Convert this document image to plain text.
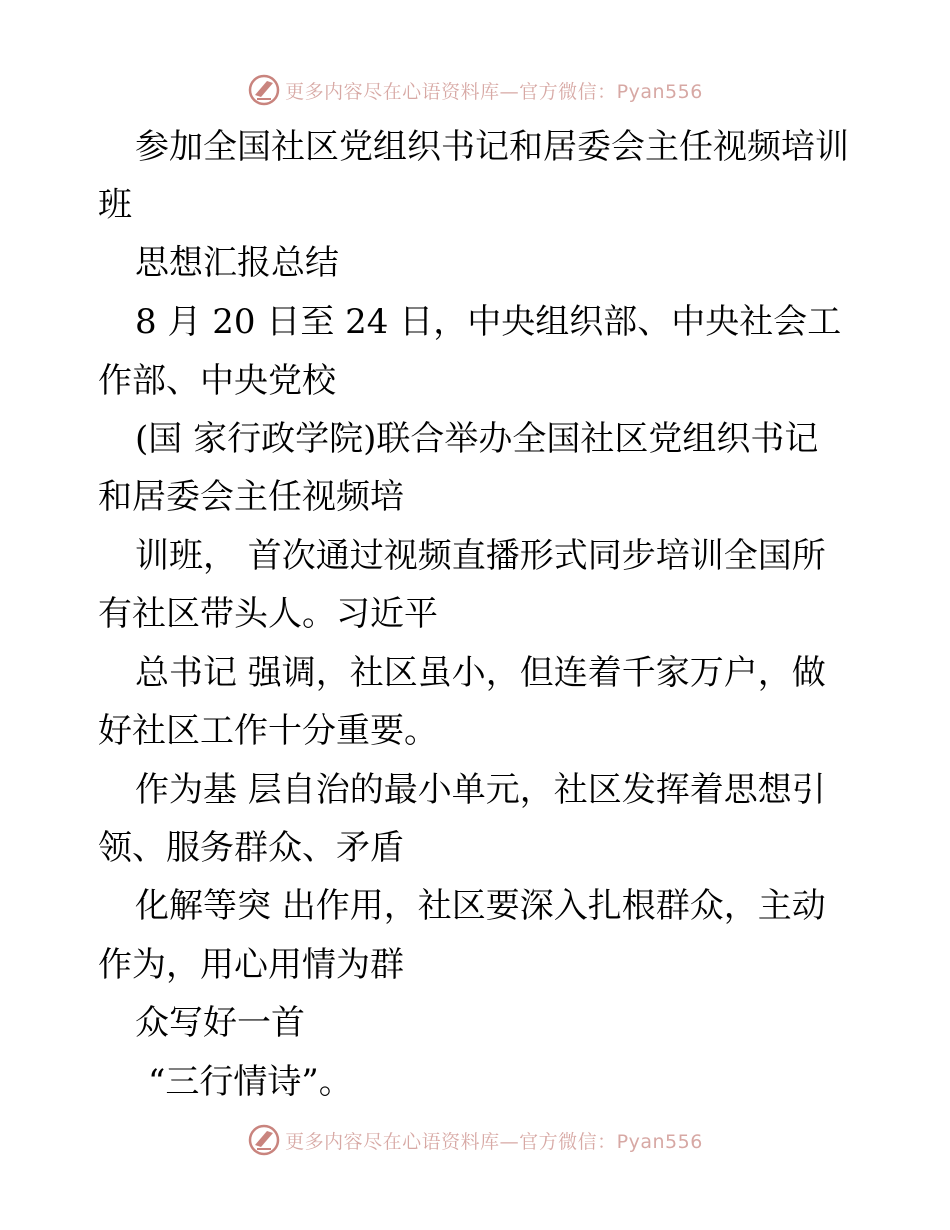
更多内容尽在心语资料库—官方微信：Pyan556
参加全国社区党组织书记和居委会主任视频培训
班
思想汇报总结
8 月 20 日至 24 日，中央组织部、中央社会工
作部、中央党校
(国 家行政学院)联合举办全国社区党组织书记
和居委会主任视频培
训班， 首次通过视频直播形式同步培训全国所
有社区带头人。习近平
总书记 强调，社区虽小，但连着千家万户，做
好社区工作十分重要。
作为基 层自治的最小单元，社区发挥着思想引
领、服务群众、矛盾
化解等突 出作用，社区要深入扎根群众，主动
作为，用心用情为群
众写好一首
“三行情诗”。
更多内容尽在心语资料库—官方微信：Pyan556
